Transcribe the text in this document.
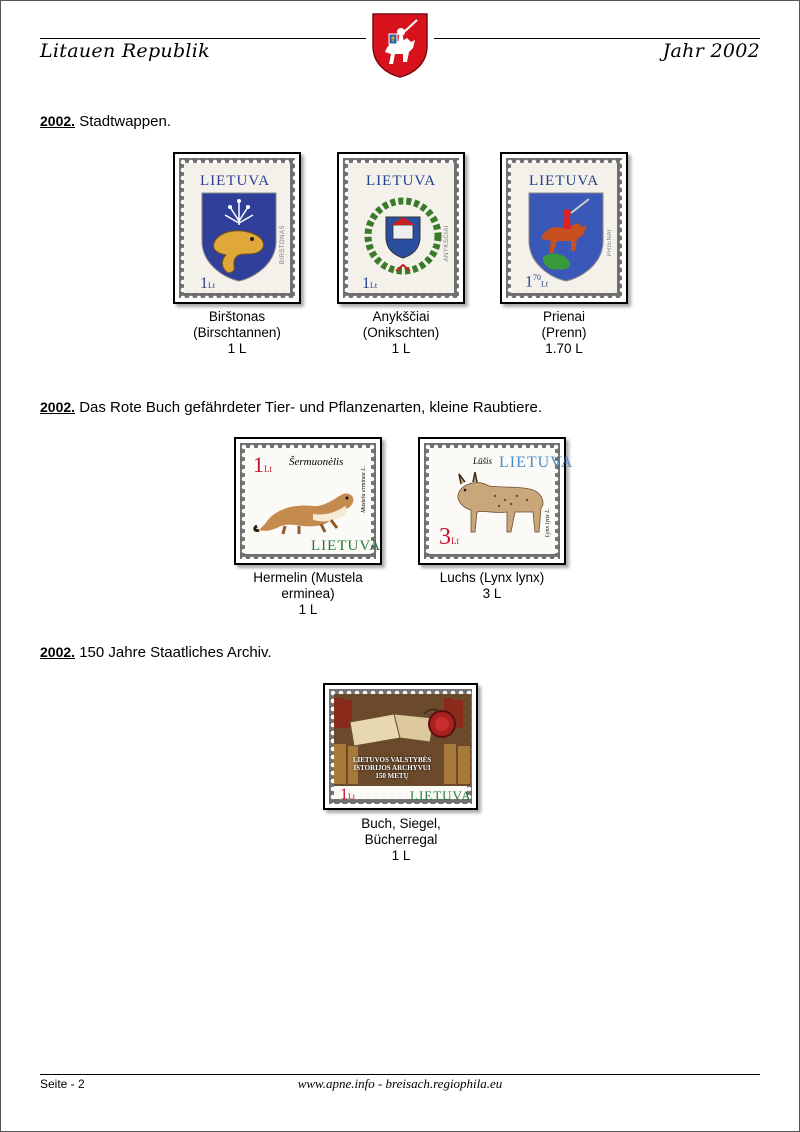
Litauen Republik	Jahr 2002
2002. Stadtwappen.
LIETUVA
1Lt
BIRŠTONAS
Birštonas
(Birschtannen)
1 L
LIETUVA
1Lt
ANYKŠČIAI
Anykščiai
(Onikschten)
1 L
LIETUVA
$1^{70}Lt$
PRIENAI
Prienai
(Prenn)
1.70 L
2002. Das Rote Buch gefährdeter Tier- und Pflanzenarten, kleine Raubtiere.
1Lt
Šermuonėlis
Mustela erminea L.
LIETUVA
Hermelin (Mustela
erminea)
1 L
Lūšis LIETUVA
3Lt
Lynx lynx L.
Luchs (Lynx lynx)
3 L
2002. 150 Jahre Staatliches Archiv.
LIETUVOS VALSTYBĖS
ISTORIJOS ARCHYVUI
150 METŲ
1Lt	LIETUVA
Buch, Siegel,
Bücherregal
1 L
Seite - 2	www.apne.info - breisach.regiophila.eu
